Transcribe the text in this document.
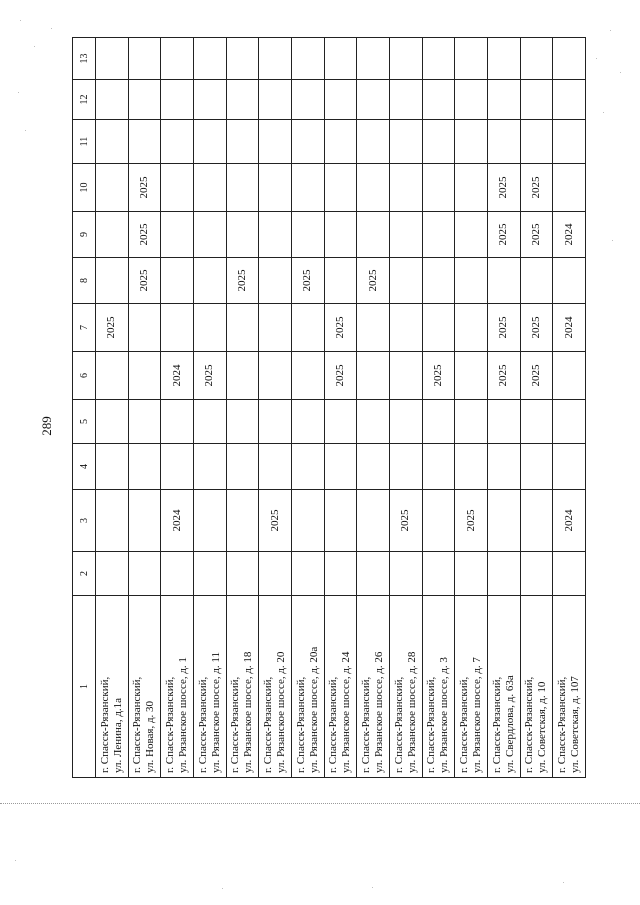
289
1	2	3	4	5	6	7	8	9	10	11	12	13

г. Спасск-Рязанский, ул. Ленина, д.1а						2025						

г. Спасск-Рязанский, ул. Новая, д. 30							2025	2025	2025			

г. Спасск-Рязанский, ул. Рязанское шоссе, д. 1		2024			2024							

г. Спасск-Рязанский, ул. Рязанское шоссе, д. 11					2025							

г. Спасск-Рязанский, ул. Рязанское шоссе, д. 18							2025					

г. Спасск-Рязанский, ул. Рязанское шоссе, д. 20		2025										

г. Спасск-Рязанский, ул. Рязанское шоссе, д. 20а							2025					

г. Спасск-Рязанский, ул. Рязанское шоссе, д. 24					2025	2025						

г. Спасск-Рязанский, ул. Рязанское шоссе, д. 26							2025					

г. Спасск-Рязанский, ул. Рязанское шоссе, д. 28		2025										

г. Спасск-Рязанский, ул. Рязанское шоссе, д. 3					2025							

г. Спасск-Рязанский, ул. Рязанское шоссе, д. 7		2025										

г. Спасск-Рязанский, ул. Свердлова, д. 63а					2025	2025		2025	2025			

г. Спасск-Рязанский, ул. Советская, д. 10					2025	2025		2025	2025			

г. Спасск-Рязанский, ул. Советская, д. 107		2024				2024		2024				
